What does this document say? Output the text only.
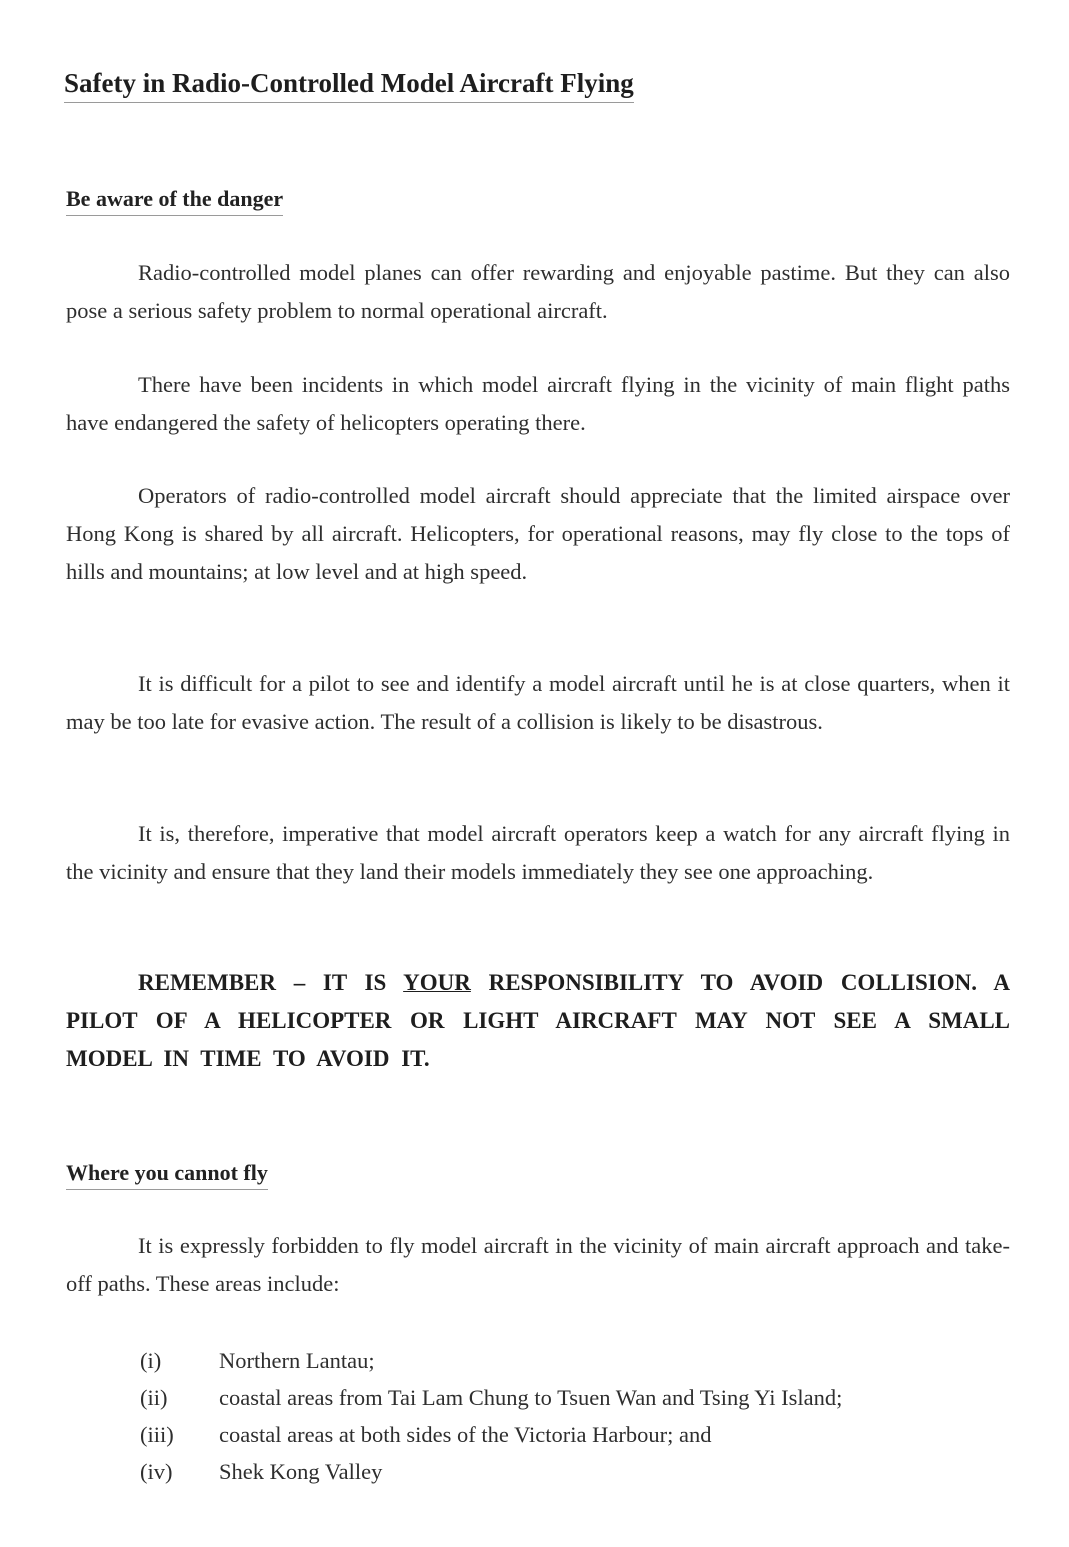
Safety in Radio-Controlled Model Aircraft Flying
Be aware of the danger

Radio-controlled model planes can offer rewarding and enjoyable pastime. But they can also pose a serious safety problem to normal operational aircraft.

There have been incidents in which model aircraft flying in the vicinity of main flight paths have endangered the safety of helicopters operating there.

Operators of radio-controlled model aircraft should appreciate that the limited airspace over Hong Kong is shared by all aircraft. Helicopters, for operational reasons, may fly close to the tops of hills and mountains; at low level and at high speed.

It is difficult for a pilot to see and identify a model aircraft until he is at close quarters, when it may be too late for evasive action. The result of a collision is likely to be disastrous.

It is, therefore, imperative that model aircraft operators keep a watch for any aircraft flying in the vicinity and ensure that they land their models immediately they see one approaching.

REMEMBER – IT IS YOUR RESPONSIBILITY TO AVOID COLLISION. A PILOT OF A HELICOPTER OR LIGHT AIRCRAFT MAY NOT SEE A SMALL MODEL IN TIME TO AVOID IT.

Where you cannot fly

It is expressly forbidden to fly model aircraft in the vicinity of main aircraft approach and take-off paths. These areas include:

(i)	Northern Lantau;
(ii) coastal areas from Tai Lam Chung to Tsuen Wan and Tsing Yi Island;
(iii) coastal areas at both sides of the Victoria Harbour; and
(iv) Shek Kong Valley
